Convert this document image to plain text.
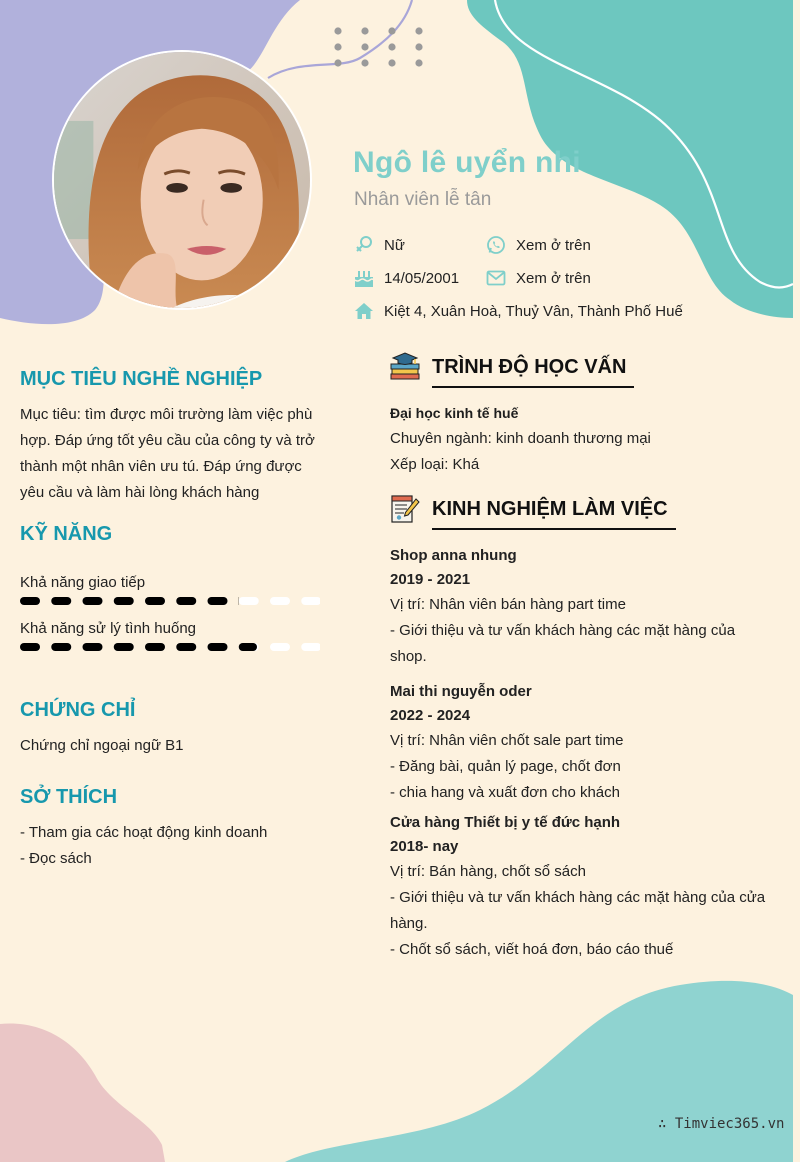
Ngô lê uyển nhi
Nhân viên lễ tân
Nữ	Xem ở trên
14/05/2001	Xem ở trên
Kiệt 4, Xuân Hoà, Thuỷ Vân, Thành Phố Huế
MỤC TIÊU NGHỀ NGHIỆP
Mục tiêu: tìm được môi trường làm việc phù
hợp. Đáp ứng tốt yêu cầu của công ty và trở
thành một nhân viên ưu tú. Đáp ứng được
yêu cầu và làm hài lòng khách hàng
KỸ NĂNG
Khả năng giao tiếp
Khả năng sử lý tình huống
CHỨNG CHỈ
Chứng chỉ ngoại ngữ B1
SỞ THÍCH
- Tham gia các hoạt động kinh doanh
- Đọc sách
TRÌNH ĐỘ HỌC VẤN
Đại học kinh tế huế
Chuyên ngành: kinh doanh thương mại
Xếp loại: Khá
KINH NGHIỆM LÀM VIỆC
Shop anna nhung
2019 - 2021
Vị trí: Nhân viên bán hàng part time
- Giới thiệu và tư vấn khách hàng các mặt hàng của
shop.
Mai thi nguyễn oder
2022 - 2024
Vị trí: Nhân viên chốt sale part time
- Đăng bài, quản lý page, chốt đơn
- chia hang và xuất đơn cho khách
Cửa hàng Thiết bị y tế đức hạnh
2018- nay
Vị trí: Bán hàng, chốt sổ sách
- Giới thiệu và tư vấn khách hàng các mặt hàng của cửa
hàng.
- Chốt sổ sách, viết hoá đơn, báo cáo thuế
∴ Timviec365.vn
